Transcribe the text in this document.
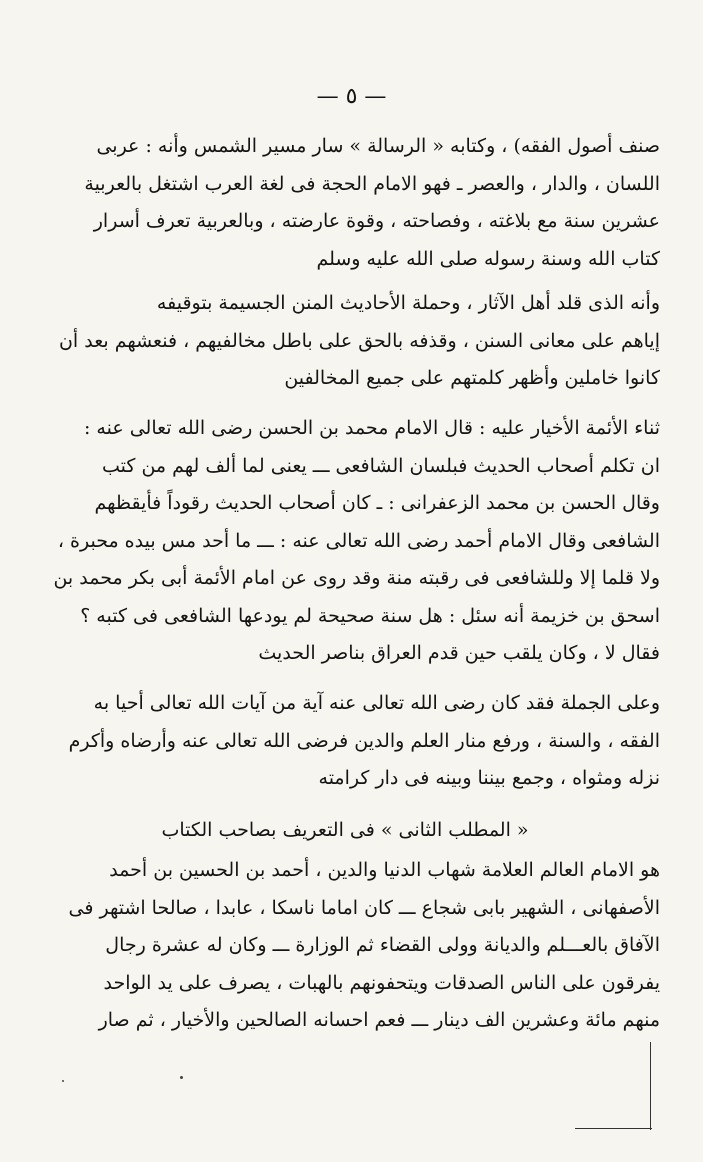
— ٥ —
صنف أصول الفقه) ، وكتابه « الرسالة » سار مسير الشمس وأنه : عربى
اللسان ، والدار ، والعصر ـ فهو الامام الحجة فى لغة العرب اشتغل بالعربية
عشرين سنة مع بلاغته ، وفصاحته ، وقوة عارضته ، وبالعربية تعرف أسرار
كتاب الله وسنة رسوله صلى الله عليه وسلم
وأنه الذى قلد أهل الآثار ، وحملة الأحاديث المنن الجسيمة بتوقيفه
إياهم على معانى السنن ، وقذفه بالحق على باطل مخالفيهم ، فنعشهم بعد أن
كانوا خاملين وأظهر كلمتهم على جميع المخالفين
ثناء الأئمة الأخيار عليه : قال الامام محمد بن الحسن رضى الله تعالى عنه :
ان تكلم أصحاب الحديث فبلسان الشافعى ـــ يعنى لما ألف لهم من كتب
وقال الحسن بن محمد الزعفرانى : ـ كان أصحاب الحديث رقوداً فأيقظهم
الشافعى وقال الامام أحمد رضى الله تعالى عنه : ـــ ما أحد مس بيده محبرة ،
ولا قلما إلا وللشافعى فى رقبته منة وقد روى عن امام الأئمة أبى بكر محمد بن
اسحق بن خزيمة أنه سئل : هل سنة صحيحة لم يودعها الشافعى فى كتبه ؟
فقال لا ، وكان يلقب حين قدم العراق بناصر الحديث
وعلى الجملة فقد كان رضى الله تعالى عنه آية من آيات الله تعالى أحيا به
الفقه ، والسنة ، ورفع منار العلم والدين فرضى الله تعالى عنه وأرضاه وأكرم
نزله ومثواه ، وجمع بيننا وبينه فى دار كرامته
« المطلب الثانى » فى التعريف بصاحب الكتاب
هو الامام العالم العلامة شهاب الدنيا والدين ، أحمد بن الحسين بن أحمد
الأصفهانى ، الشهير بابى شجاع ـــ كان اماما ناسكا ، عابدا ، صالحا اشتهر فى
الآفاق بالعـــلم والديانة وولى القضاء ثم الوزارة ـــ وكان له عشرة رجال
يفرقون على الناس الصدقات ويتحفونهم بالهبات ، يصرف على يد الواحد
منهم مائة وعشرين الف دينار ـــ فعم احسانه الصالحين والأخيار ، ثم صار
